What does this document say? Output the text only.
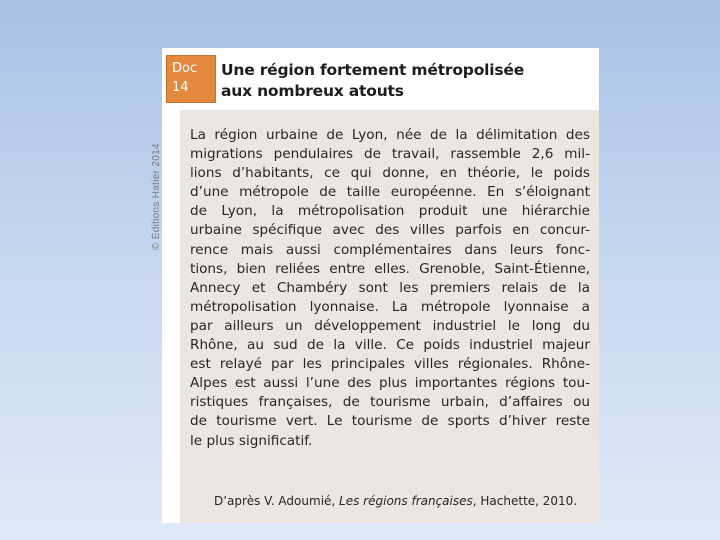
Doc
14
Une région fortement métropolisée
aux nombreux atouts
© Éditions Hatier 2014
La région urbaine de Lyon, née de la délimitation des
migrations pendulaires de travail, rassemble 2,6 mil-
lions d’habitants, ce qui donne, en théorie, le poids
d’une métropole de taille européenne. En s’éloignant
de Lyon, la métropolisation produit une hiérarchie
urbaine spécifique avec des villes parfois en concur-
rence mais aussi complémentaires dans leurs fonc-
tions, bien reliées entre elles. Grenoble, Saint-Étienne,
Annecy et Chambéry sont les premiers relais de la
métropolisation lyonnaise. La métropole lyonnaise a
par ailleurs un développement industriel le long du
Rhône, au sud de la ville. Ce poids industriel majeur
est relayé par les principales villes régionales. Rhône-
Alpes est aussi l’une des plus importantes régions tou-
ristiques françaises, de tourisme urbain, d’affaires ou
de tourisme vert. Le tourisme de sports d’hiver reste
le plus significatif.
D’après V. Adoumié, Les régions françaises, Hachette, 2010.
